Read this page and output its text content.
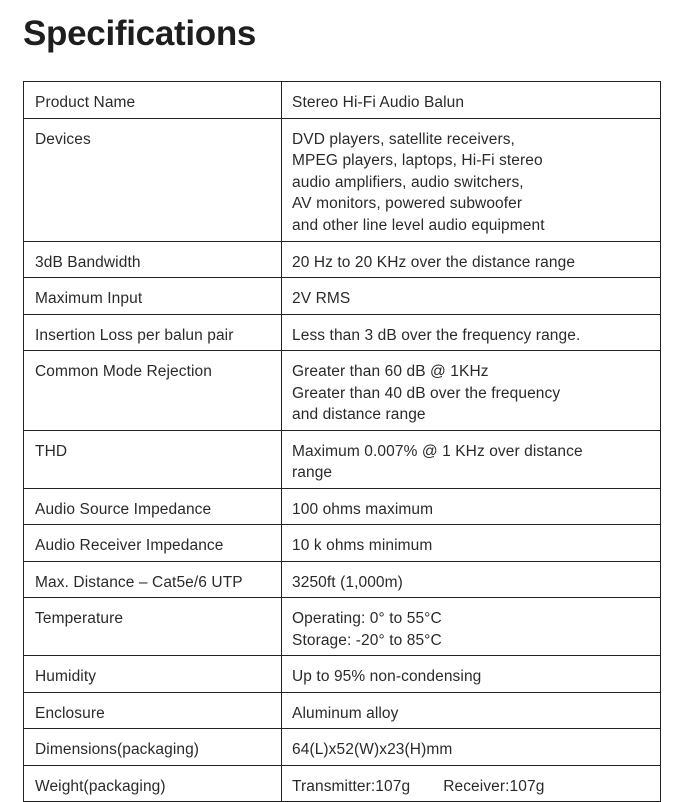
Specifications
Product Name	Stereo Hi-Fi Audio Balun
Devices	DVD players, satellite receivers,
MPEG players, laptops, Hi-Fi stereo
audio amplifiers, audio switchers,
AV monitors, powered subwoofer
and other line level audio equipment
3dB Bandwidth	20 Hz to 20 KHz over the distance range
Maximum Input	2V RMS
Insertion Loss per balun pair	Less than 3 dB over the frequency range.
Common Mode Rejection	Greater than 60 dB @ 1KHz
Greater than 40 dB over the frequency
and distance range
THD	Maximum 0.007% @ 1 KHz over distance
range
Audio Source Impedance	100 ohms maximum
Audio Receiver Impedance	10 k ohms minimum
Max. Distance – Cat5e/6 UTP	3250ft (1,000m)
Temperature	Operating: 0° to 55°C
Storage: -20° to 85°C
Humidity	Up to 95% non-condensing
Enclosure	Aluminum alloy
Dimensions(packaging)	64(L)x52(W)x23(H)mm
Weight(packaging)	Transmitter:107g Receiver:107g
